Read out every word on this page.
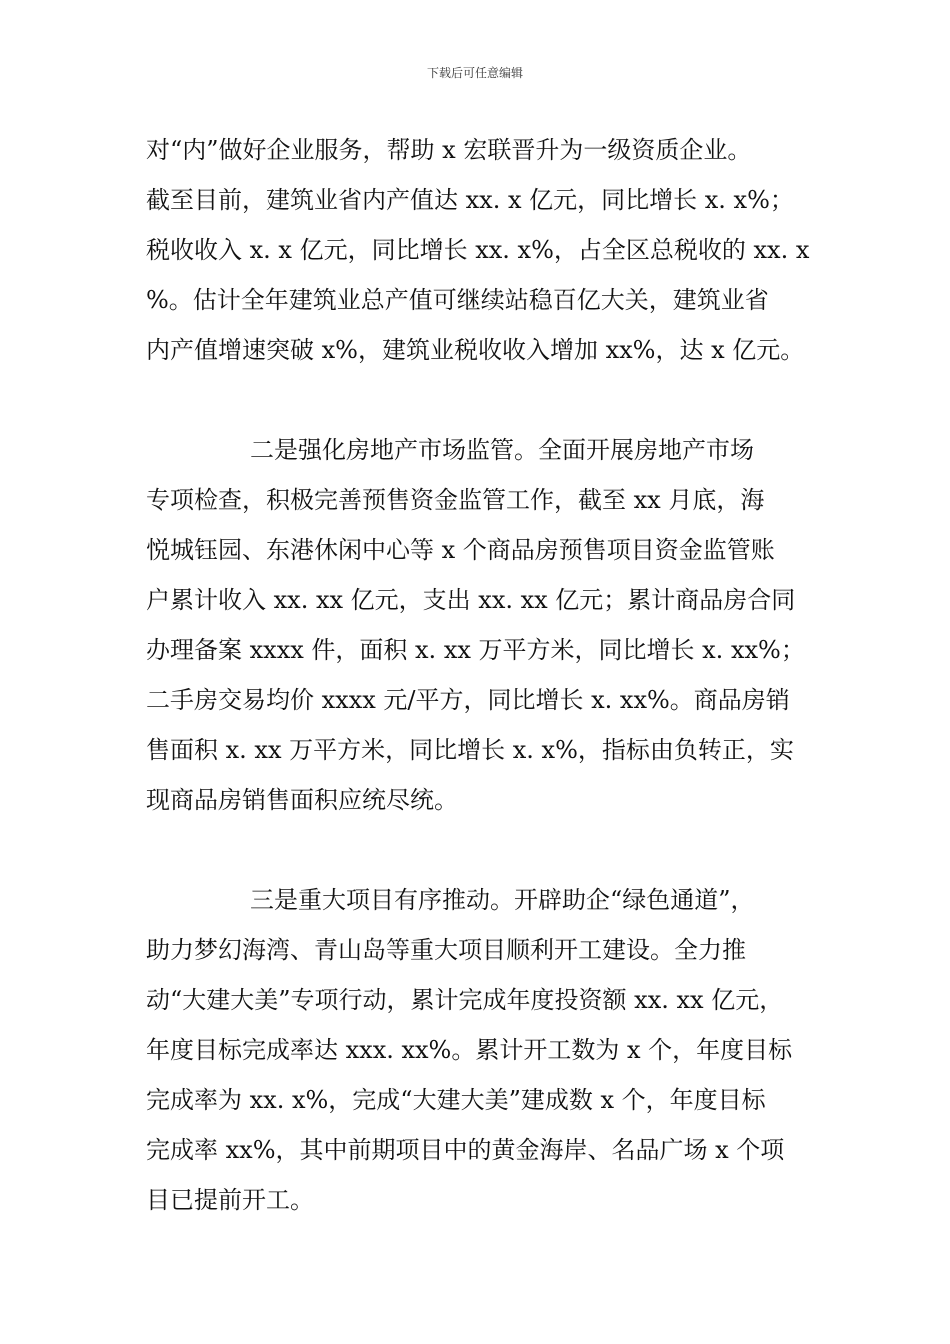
下载后可任意编辑
对“内”做好企业服务，帮助 x 宏联晋升为一级资质企业。
截至目前，建筑业省内产值达 xx. x 亿元，同比增长 x. x%；
税收收入 x. x 亿元，同比增长 xx. x%，占全区总税收的 xx. x
%。估计全年建筑业总产值可继续站稳百亿大关，建筑业省
内产值增速突破 x%，建筑业税收收入增加 xx%，达 x 亿元。
二是强化房地产市场监管。全面开展房地产市场
专项检查，积极完善预售资金监管工作，截至 xx 月底，海
悦城钰园、东港休闲中心等 x 个商品房预售项目资金监管账
户累计收入 xx. xx 亿元，支出 xx. xx 亿元；累计商品房合同
办理备案 xxxx 件，面积 x. xx 万平方米，同比增长 x. xx%；
二手房交易均价 xxxx 元/平方，同比增长 x. xx%。商品房销
售面积 x. xx 万平方米，同比增长 x. x%，指标由负转正，实
现商品房销售面积应统尽统。
三是重大项目有序推动。开辟助企“绿色通道”，
助力梦幻海湾、青山岛等重大项目顺利开工建设。全力推
动“大建大美”专项行动，累计完成年度投资额 xx. xx 亿元，
年度目标完成率达 xxx. xx%。累计开工数为 x 个，年度目标
完成率为 xx. x%，完成“大建大美”建成数 x 个，年度目标
完成率 xx%，其中前期项目中的黄金海岸、名品广场 x 个项
目已提前开工。
